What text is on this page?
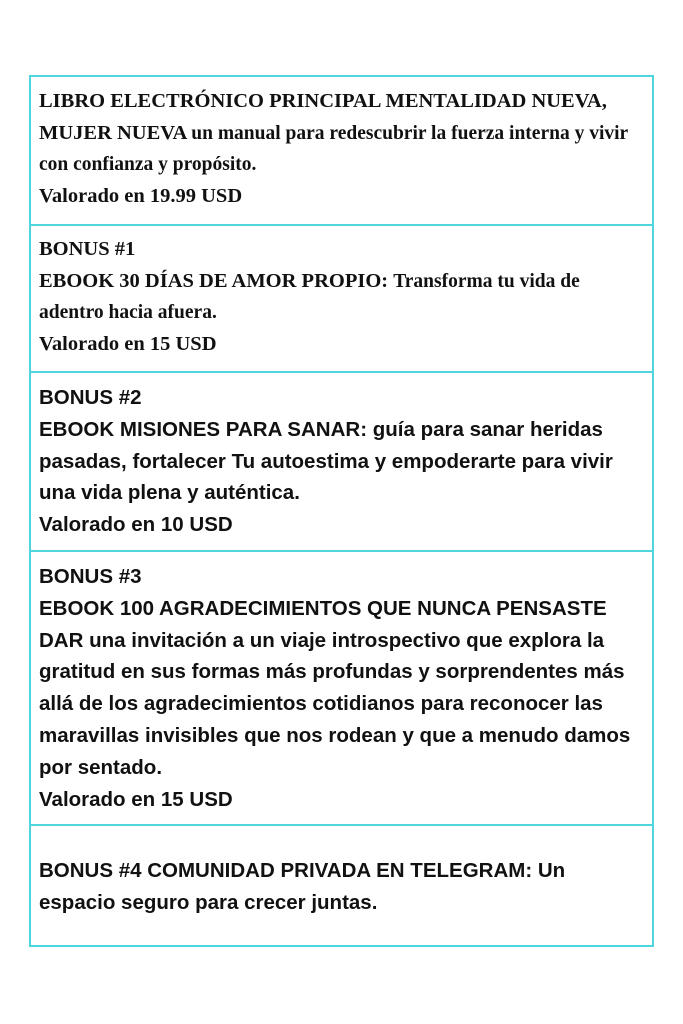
LIBRO ELECTRÓNICO PRINCIPAL MENTALIDAD NUEVA, MUJER NUEVA un manual para redescubrir la fuerza interna y vivir con confianza y propósito.
Valorado en 19.99 USD
BONUS #1
EBOOK 30 DÍAS DE AMOR PROPIO: Transforma tu vida de adentro hacia afuera.
Valorado en 15 USD
BONUS #2
EBOOK MISIONES PARA SANAR: guía para sanar heridas pasadas, fortalecer Tu autoestima y empoderarte para vivir una vida plena y auténtica.
Valorado en 10 USD
BONUS #3
EBOOK 100 AGRADECIMIENTOS QUE NUNCA PENSASTE DAR una invitación a un viaje introspectivo que explora la gratitud en sus formas más profundas y sorprendentes más allá de los agradecimientos cotidianos para reconocer las maravillas invisibles que nos rodean y que a menudo damos por sentado.
Valorado en 15 USD
BONUS #4 COMUNIDAD PRIVADA EN TELEGRAM: Un espacio seguro para crecer juntas.
